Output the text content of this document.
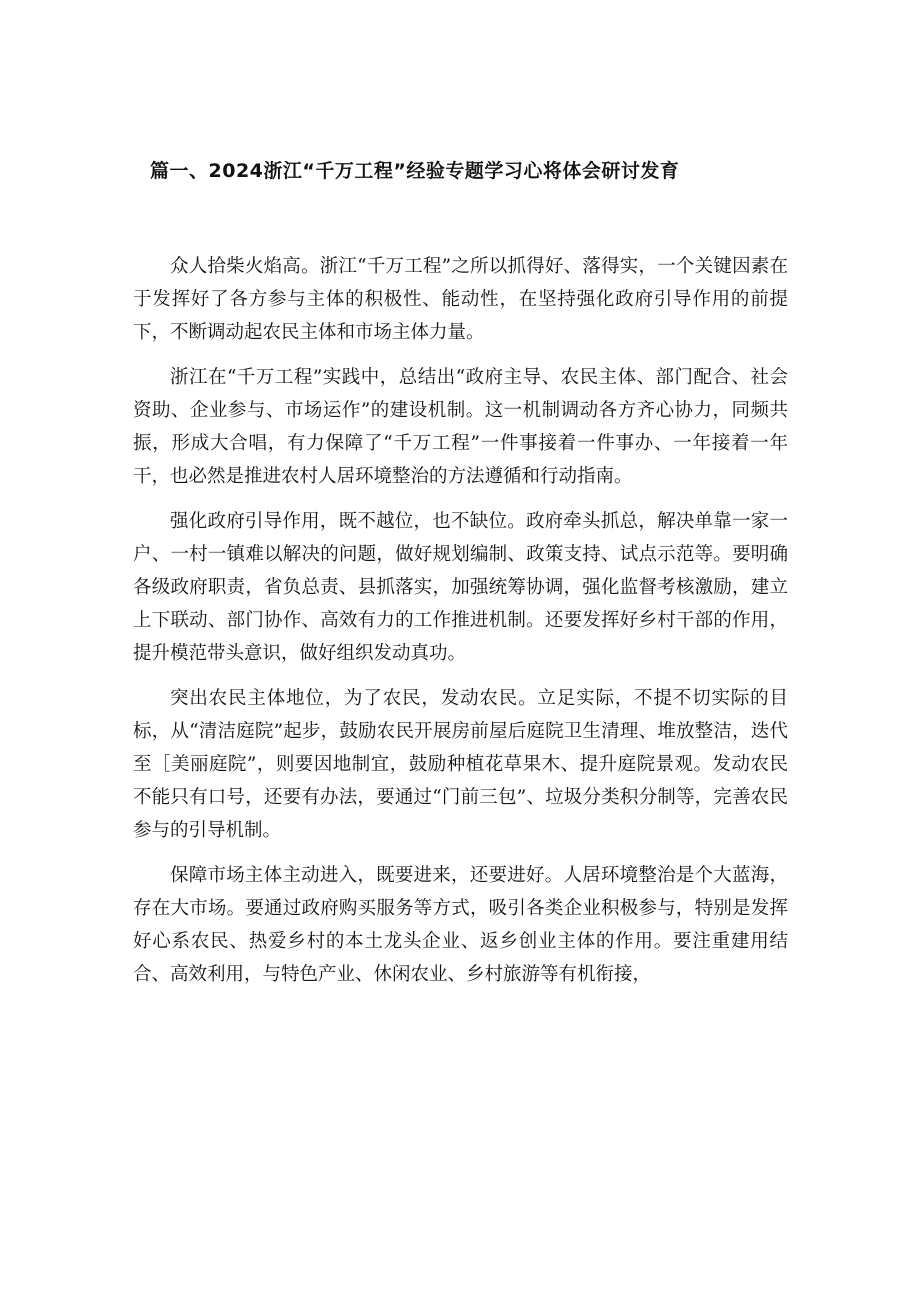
篇一、2024浙江“千万工程”经验专题学习心将体会研讨发育

众人拾柴火焰高。浙江“千万工程”之所以抓得好、落得实，一个关键因素在于发挥好了各方参与主体的积极性、能动性，在坚持强化政府引导作用的前提下，不断调动起农民主体和市场主体力量。

浙江在“千万工程”实践中，总结出“政府主导、农民主体、部门配合、社会资助、企业参与、市场运作”的建设机制。这一机制调动各方齐心协力，同频共振，形成大合唱，有力保障了“千万工程”一件事接着一件事办、一年接着一年干，也必然是推进农村人居环境整治的方法遵循和行动指南。

强化政府引导作用，既不越位，也不缺位。政府牵头抓总，解决单靠一家一户、一村一镇难以解决的问题，做好规划编制、政策支持、试点示范等。要明确各级政府职责，省负总责、县抓落实，加强统筹协调，强化监督考核激励，建立上下联动、部门协作、高效有力的工作推进机制。还要发挥好乡村干部的作用，提升模范带头意识，做好组织发动真功。

突出农民主体地位，为了农民，发动农民。立足实际，不提不切实际的目标，从“清洁庭院”起步，鼓励农民开展房前屋后庭院卫生清理、堆放整洁，迭代至［美丽庭院”，则要因地制宜，鼓励种植花草果木、提升庭院景观。发动农民不能只有口号，还要有办法，要通过“门前三包”、垃圾分类积分制等，完善农民参与的引导机制。

保障市场主体主动进入，既要进来，还要进好。人居环境整治是个大蓝海，存在大市场。要通过政府购买服务等方式，吸引各类企业积极参与，特别是发挥好心系农民、热爱乡村的本土龙头企业、返乡创业主体的作用。要注重建用结合、高效利用，与特色产业、休闲农业、乡村旅游等有机衔接，
